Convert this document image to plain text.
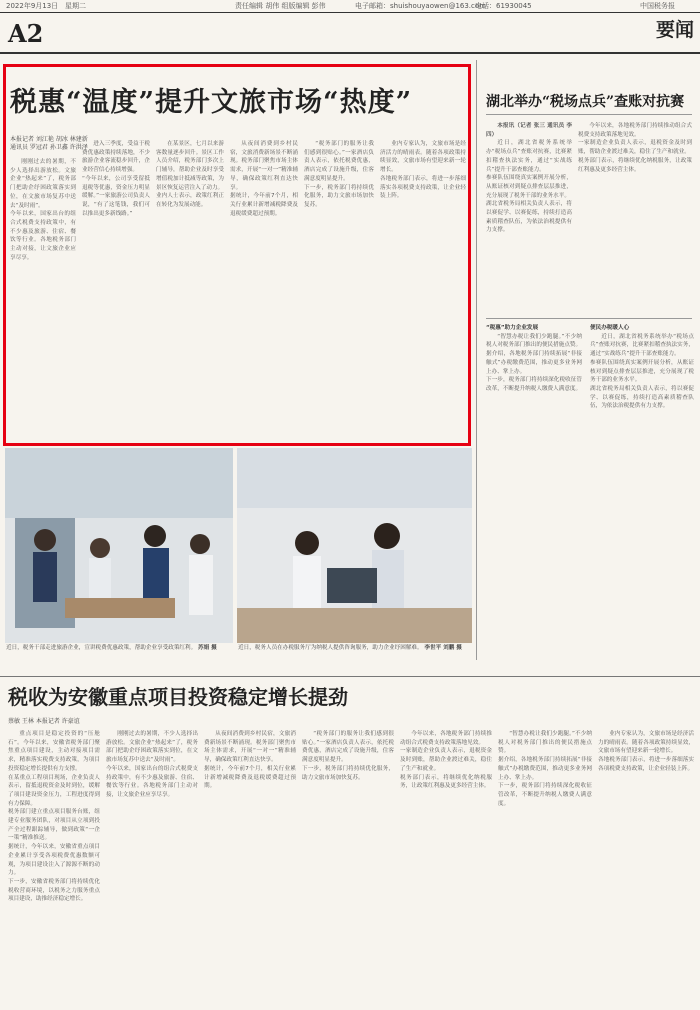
2022年9月13日 星期二	责任编辑 胡伟 组版编辑 彭伟	电子邮箱：shuishouyaowen@163.com
电话：61930045	中国税务报
A2	要闻
税惠“温度”提升文旅市场“热度”
本报记者 刘江艳 胡冰 林建新
通讯员 罗冠君 孙卫鑫 许洪泽

刚刚过去的暑期，不少人选择出游放松。文旅企业“热起来”了，税务部门把助企纾困政策落实到位，在文旅市场复苏中送去“及时雨”。
今年以来，国家出台的组合式税费支持政策中，有不少惠及旅游、住宿、餐饮等行业。各地税务部门主动对接，让文旅企业应享尽享。

进入三季度，受益于税费优惠政策持续落地，不少旅游企业客流稳步回升，企业经营信心持续增强。
“今年以来，公司享受留抵退税等优惠，资金压力明显缓解。”一家旅游公司负责人说，“有了这笔钱，我们可以推出更多新线路。”

在某景区，七月以来游客数量逐步回升。景区工作人员介绍，税务部门多次上门辅导，帮助企业及时享受增值税加计抵减等政策，为景区恢复运营注入了动力。
业内人士表示，政策红利正在转化为发展动能。

从夜间消费到乡村民宿，文旅消费新场景不断涌现。税务部门聚焦市场主体需求，开展“一对一”精准辅导，确保政策红利直达快享。
据统计，今年前7个月，相关行业累计新增减税降费及退税缓费超过预期。

“税务部门的服务让我们感到很贴心。”一家酒店负责人表示，依托税费优惠，酒店完成了设施升级，住客满意度明显提升。
下一步，税务部门将持续优化服务，助力文旅市场加快复苏。

业内专家认为，文旅市场是经济活力的晴雨表。随着各项政策持续显效，文旅市场有望迎来新一轮增长。
各地税务部门表示，将进一步落细落实各项税费支持政策，让企业轻装上阵。

湖北举办“税场点兵”查账对抗赛

本报讯（记者 张三 通讯员 李四）

近日，湖北省税务系统举办“税场点兵”查账对抗赛，比赛紧扣稽查执法实务，通过“实战练兵”提升干部查账能力。
参赛队伍围绕真实案例开展分析，从账证核对到疑点排查层层推进，充分展现了税务干部的业务水平。
湖北省税务局相关负责人表示，将以赛促学、以赛促练，持续打造高素质稽查队伍，为依法治税提供有力支撑。

今年以来，各地税务部门持续推动组合式税费支持政策落地见效。
一家制造企业负责人表示，退税资金及时到账，帮助企业渡过难关，稳住了生产和就业。
税务部门表示，将继续优化纳税服务，让政策红利惠及更多经营主体。

“税惠”助力企业发展

“智慧办税让我们少跑腿。”不少纳税人对税务部门推出的便民措施点赞。
据介绍，各地税务部门持续拓展“非接触式”办税缴费范围，推动更多业务网上办、掌上办。
下一步，税务部门将持续深化税收征管改革，不断提升纳税人缴费人满意度。

便民办税暖人心

近日，湖北省税务系统举办“税场点兵”查账对抗赛，比赛紧扣稽查执法实务，通过“实战练兵”提升干部查账能力。
参赛队伍围绕真实案例开展分析，从账证核对到疑点排查层层推进，充分展现了税务干部的业务水平。
湖北省税务局相关负责人表示，将以赛促学、以赛促练，持续打造高素质稽查队伍，为依法治税提供有力支撑。

近日，税务干部走进旅游企业，宣讲税费优惠政策，帮助企业享受政策红利。 苏娟 摄	近日，税务人员在办税服务厅为纳税人提供咨询服务，助力企业纾困解难。 李世平 刘鹏 摄
税收为安徽重点项目投资稳定增长提劲
蔡敏 王林 本报记者 许豪谊

重点项目是稳定投资的“压舱石”。今年以来，安徽省税务部门聚焦重点项目建设，主动对接项目需求，精准落实税费支持政策，为项目投资稳定增长提供有力支撑。
在某重点工程项目现场，企业负责人表示，留抵退税资金及时到位，缓解了项目建设资金压力，工程进度得到有力保障。
税务部门建立重点项目服务台账，组建专业服务团队，对项目从立项到投产全过程跟踪辅导，做到政策“一企一策”精准推送。
据统计，今年以来，安徽省重点项目企业累计享受各项税费优惠数额可观，为项目建设注入了源源不断的动力。
下一步，安徽省税务部门将持续优化税收营商环境，以税务之力服务重点项目建设，助推经济稳定增长。

刚刚过去的暑期，不少人选择出游放松。文旅企业“热起来”了，税务部门把助企纾困政策落实到位，在文旅市场复苏中送去“及时雨”。
今年以来，国家出台的组合式税费支持政策中，有不少惠及旅游、住宿、餐饮等行业。各地税务部门主动对接，让文旅企业应享尽享。

从夜间消费到乡村民宿，文旅消费新场景不断涌现。税务部门聚焦市场主体需求，开展“一对一”精准辅导，确保政策红利直达快享。
据统计，今年前7个月，相关行业累计新增减税降费及退税缓费超过预期。

“税务部门的服务让我们感到很贴心。”一家酒店负责人表示，依托税费优惠，酒店完成了设施升级，住客满意度明显提升。
下一步，税务部门将持续优化服务，助力文旅市场加快复苏。

今年以来，各地税务部门持续推动组合式税费支持政策落地见效。
一家制造企业负责人表示，退税资金及时到账，帮助企业渡过难关，稳住了生产和就业。
税务部门表示，将继续优化纳税服务，让政策红利惠及更多经营主体。

“智慧办税让我们少跑腿。”不少纳税人对税务部门推出的便民措施点赞。
据介绍，各地税务部门持续拓展“非接触式”办税缴费范围，推动更多业务网上办、掌上办。
下一步，税务部门将持续深化税收征管改革，不断提升纳税人缴费人满意度。

业内专家认为，文旅市场是经济活力的晴雨表。随着各项政策持续显效，文旅市场有望迎来新一轮增长。
各地税务部门表示，将进一步落细落实各项税费支持政策，让企业轻装上阵。
